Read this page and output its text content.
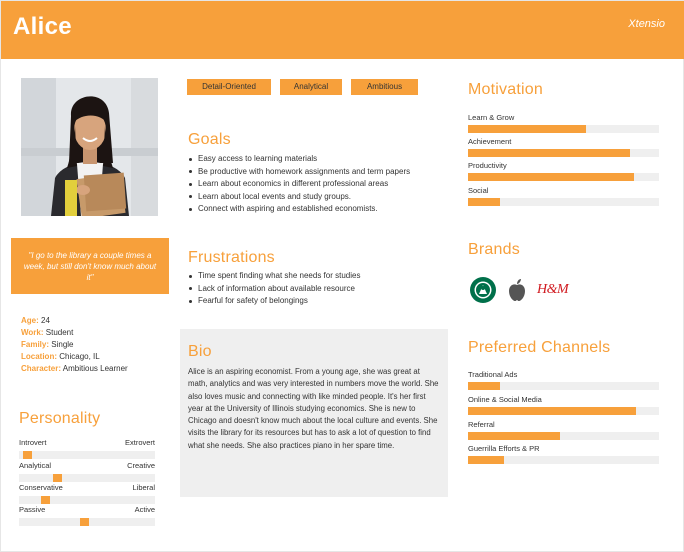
Alice	Xtensio
"I go to the library a couple times a week, but still don't know much about it"
Age: 24
Work: Student
Family: Single
Location: Chicago, IL
Character: Ambitious Learner
Personality
Introvert	Extrovert
Analytical	Creative
Conservative	Liberal
Passive	Active
Detail-Oriented	Analytical	Ambitious
Goals
Easy access to learning materials
Be productive with homework assignments and term papers
Learn about economics in different professional areas
Learn about local events and study groups.
Connect with aspiring and established economists.
Frustrations
Time spent finding what she needs for studies
Lack of information about available resource
Fearful for safety of belongings
Bio
Alice is an aspiring economist. From a young age, she was great at math, analytics and was very interested in numbers move the world. She also loves music and connecting with like minded people. It's her first year at the University of Illinois studying economics. She is new to Chicago and doesn't know much about the local culture and events. She visits the library for its resources but has to ask a lot of question to find what she needs. She also practices piano in her spare time.
Motivation
Learn & Grow
Achievement
Productivity
Social
Brands
H&M
Preferred Channels
Traditional Ads
Online & Social Media
Referral
Guerrilla Efforts & PR
